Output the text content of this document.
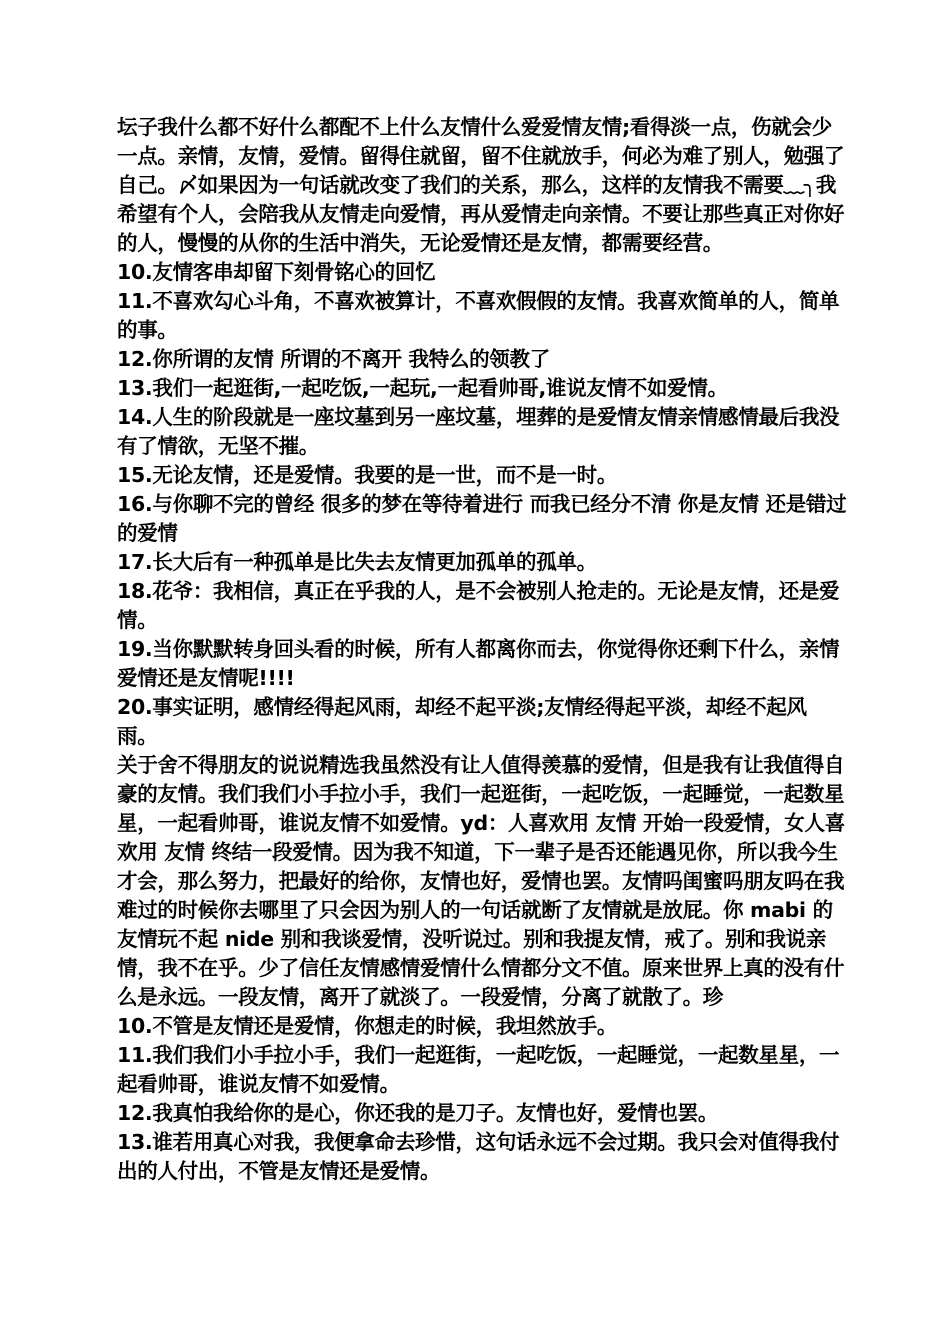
坛子我什么都不好什么都配不上什么友情什么爱爱情友情;看得淡一点，伤就会少一点。亲情，友情，爱情。留得住就留，留不住就放手，何必为难了别人，勉强了自己。〆如果因为一句话就改变了我们的关系，那么，这样的友情我不需要﹏╮我希望有个人，会陪我从友情走向爱情，再从爱情走向亲情。不要让那些真正对你好的人，慢慢的从你的生活中消失，无论爱情还是友情，都需要经营。

10.友情客串却留下刻骨铭心的回忆

11.不喜欢勾心斗角，不喜欢被算计，不喜欢假假的友情。我喜欢简单的人，简单的事。

12.你所谓的友情 所谓的不离开 我特么的领教了

13.我们一起逛街,一起吃饭,一起玩,一起看帅哥,谁说友情不如爱情。

14.人生的阶段就是一座坟墓到另一座坟墓，埋葬的是爱情友情亲情感情最后我没有了情欲，无坚不摧。

15.无论友情，还是爱情。我要的是一世，而不是一时。

16.与你聊不完的曾经 很多的梦在等待着进行 而我已经分不清 你是友情 还是错过的爱情

17.长大后有一种孤单是比失去友情更加孤单的孤单。

18.花爷：我相信，真正在乎我的人，是不会被别人抢走的。无论是友情，还是爱情。

19.当你默默转身回头看的时候，所有人都离你而去，你觉得你还剩下什么，亲情爱情还是友情呢!!!!

20.事实证明，感情经得起风雨，却经不起平淡;友情经得起平淡，却经不起风雨。

关于舍不得朋友的说说精选我虽然没有让人值得羡慕的爱情，但是我有让我值得自豪的友情。我们我们小手拉小手，我们一起逛街，一起吃饭，一起睡觉，一起数星星，一起看帅哥，谁说友情不如爱情。yd：人喜欢用 友情 开始一段爱情，女人喜欢用 友情 终结一段爱情。因为我不知道，下一辈子是否还能遇见你，所以我今生才会，那么努力，把最好的给你，友情也好，爱情也罢。友情吗闺蜜吗朋友吗在我难过的时候你去哪里了只会因为别人的一句话就断了友情就是放屁。你 mabi 的友情玩不起 nide 别和我谈爱情，没听说过。别和我提友情，戒了。别和我说亲情，我不在乎。少了信任友情感情爱情什么情都分文不值。原来世界上真的没有什么是永远。一段友情，离开了就淡了。一段爱情，分离了就散了。珍

10.不管是友情还是爱情，你想走的时候，我坦然放手。

11.我们我们小手拉小手，我们一起逛街，一起吃饭，一起睡觉，一起数星星，一起看帅哥，谁说友情不如爱情。

12.我真怕我给你的是心，你还我的是刀子。友情也好，爱情也罢。

13.谁若用真心对我，我便拿命去珍惜，这句话永远不会过期。我只会对值得我付出的人付出，不管是友情还是爱情。
